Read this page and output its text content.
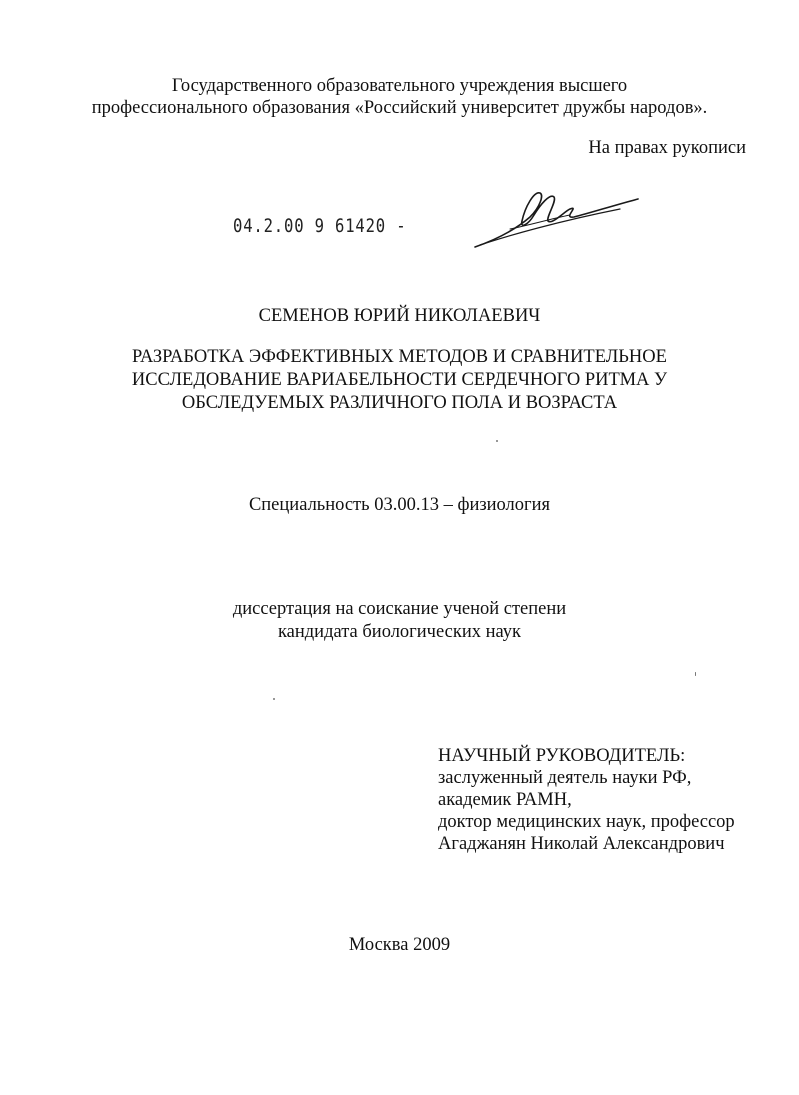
Государственного образовательного учреждения высшего
профессионального образования «Российский университет дружбы народов».
На правах рукописи
04.2.00 9 61420 -
СЕМЕНОВ ЮРИЙ НИКОЛАЕВИЧ
РАЗРАБОТКА ЭФФЕКТИВНЫХ МЕТОДОВ И СРАВНИТЕЛЬНОЕ
ИССЛЕДОВАНИЕ ВАРИАБЕЛЬНОСТИ СЕРДЕЧНОГО РИТМА У
ОБСЛЕДУЕМЫХ РАЗЛИЧНОГО ПОЛА И ВОЗРАСТА
Специальность 03.00.13 – физиология
диссертация на соискание ученой степени
кандидата биологических наук
НАУЧНЫЙ РУКОВОДИТЕЛЬ:
заслуженный деятель науки РФ,
академик РАМН,
доктор медицинских наук, профессор
Агаджанян Николай Александрович
Москва 2009
